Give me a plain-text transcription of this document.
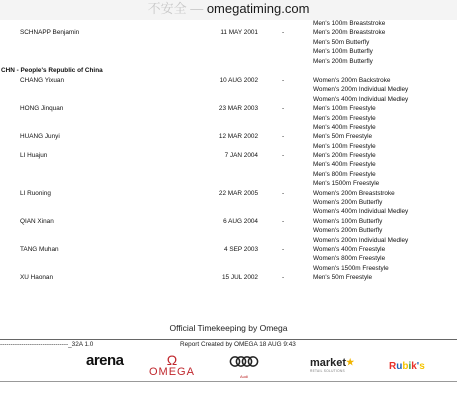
不安全 — omegatiming.com
Men's 100m Breaststroke
SCHNAPP Benjamin	11 MAY 2001	-	Men's 200m Breaststroke
Men's 50m Butterfly
Men's 100m Butterfly
Men's 200m Butterfly
CHN - People's Republic of China
CHANG Yixuan	10 AUG 2002	-	Women's 200m Backstroke
Women's 200m Individual Medley
Women's 400m Individual Medley
HONG Jinquan	23 MAR 2003	-	Men's 100m Freestyle
Men's 200m Freestyle
Men's 400m Freestyle
HUANG Junyi	12 MAR 2002	-	Men's 50m Freestyle
Men's 100m Freestyle
LI Huajun	7 JAN 2004	-	Men's 200m Freestyle
Men's 400m Freestyle
Men's 800m Freestyle
Men's 1500m Freestyle
LI Ruoning	22 MAR 2005	-	Women's 200m Breaststroke
Women's 200m Butterfly
Women's 400m Individual Medley
QIAN Xinan	6 AUG 2004	-	Women's 100m Butterfly
Women's 200m Butterfly
Women's 200m Individual Medley
TANG Muhan	4 SEP 2003	-	Women's 400m Freestyle
Women's 800m Freestyle
Women's 1500m Freestyle
XU Haonan	15 JUL 2002	-	Men's 50m Freestyle
Official Timekeeping by Omega
--------------------------------_32A 1.0	Report Created by OMEGA 18 AUG 9:43
arena	Ω
OMEGA	Audi
market★
RETAIL SOLUTIONS	Rubik's
